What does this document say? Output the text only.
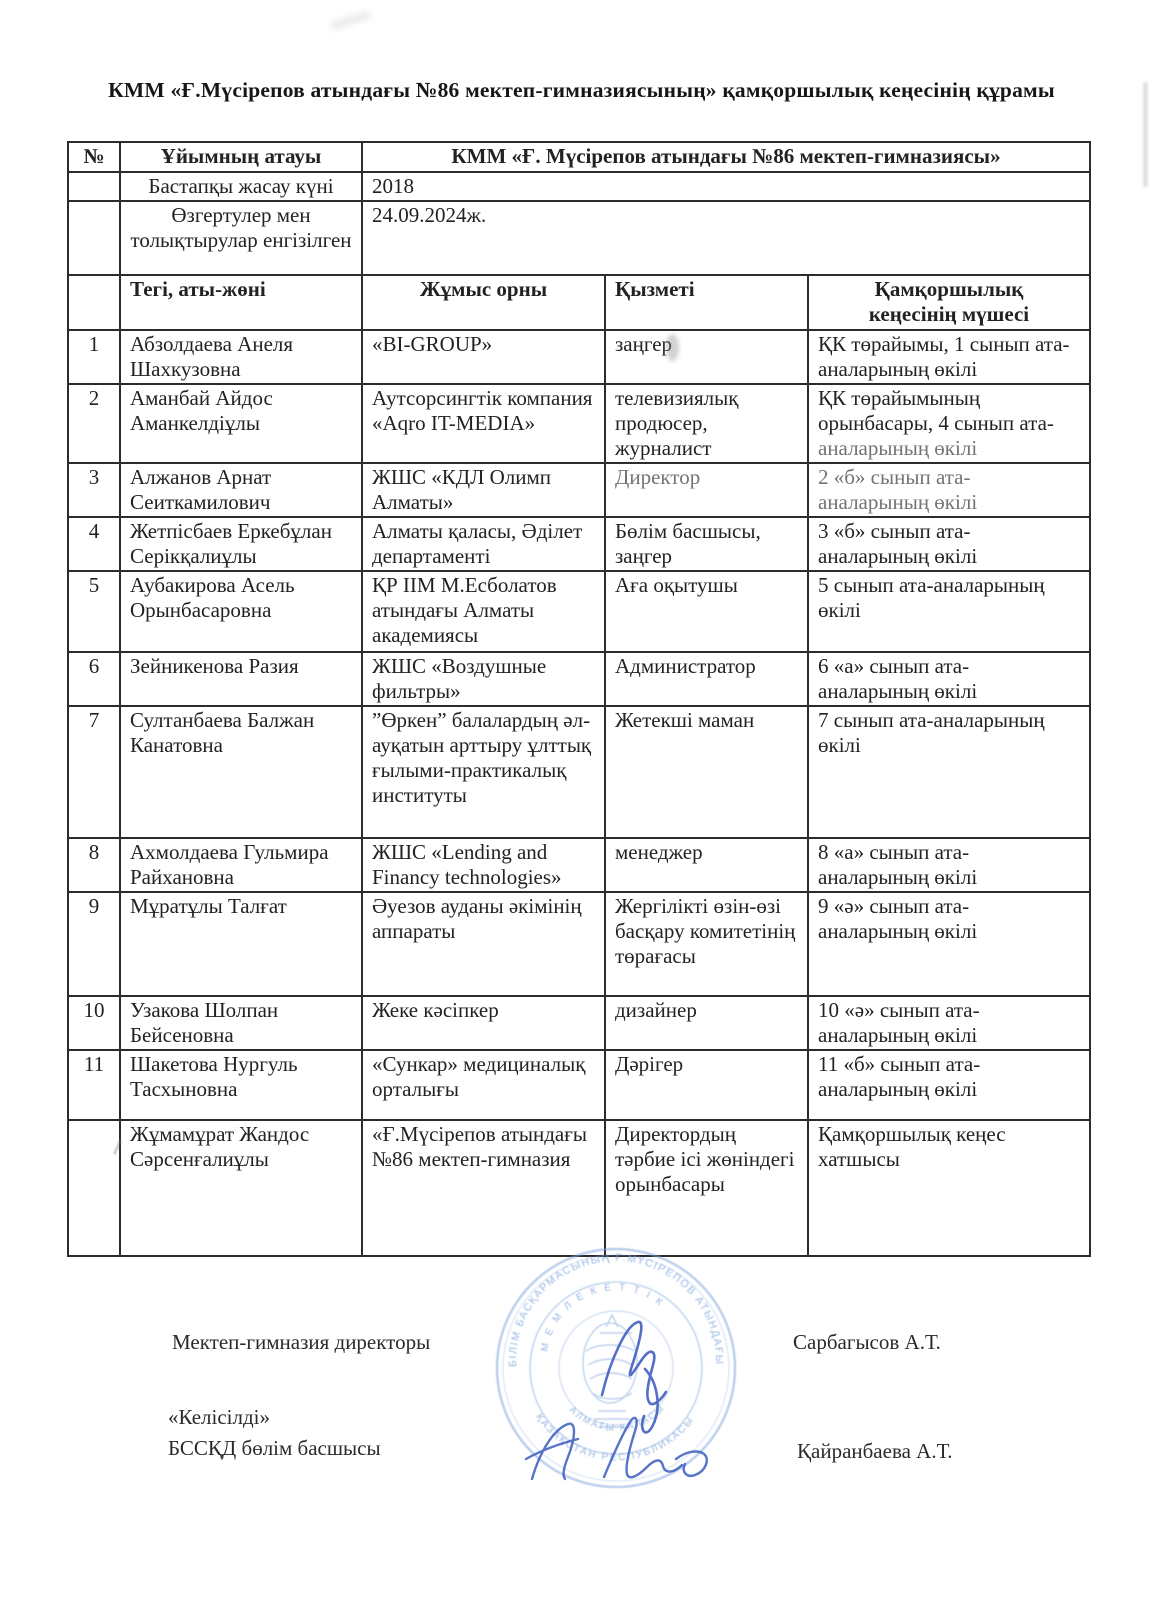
КММ «Ғ.Мүсірепов атындағы №86 мектеп-гимназиясының» қамқоршылық кеңесінің құрамы
№	Ұйымның атауы	КММ «Ғ. Мүсірепов атындағы №86 мектеп-гимназиясы»		
	Бастапқы жасау күні	2018		
	Өзгертулер мен толықтырулар енгізілген	24.09.2024ж.		
	Тегі, аты-жөні	Жұмыс орны	Қызметі	Қамқоршылық кеңесінің мүшесі
1	Абзолдаева Анеля Шахкузовна	«BI-GROUP»	заңгер	ҚК төрайымы, 1 сынып ата-аналарының өкілі
2	Аманбай Айдос Аманкелдіұлы	Аутсорсингтік компания «Aqro IT-MEDIA»	телевизиялық продюсер, журналист	ҚК төрайымының орынбасары, 4 сынып ата-аналарының өкілі
3	Алжанов Арнат Сеиткамилович	ЖШС «КДЛ Олимп Алматы»	Директор	2 «б» сынып ата-аналарының өкілі
4	Жетпісбаев Еркебұлан Серікқалиұлы	Алматы қаласы, Әділет департаменті	Бөлім басшысы, заңгер	3 «б» сынып ата-аналарының өкілі
5	Аубакирова Асель Орынбасаровна	ҚР ІІМ М.Есболатов атындағы Алматы академиясы	Аға оқытушы	5 сынып ата-аналарының өкілі
6	Зейникенова Разия	ЖШС «Воздушные фильтры»	Администратор	6 «а» сынып ата-аналарының өкілі
7	Султанбаева Балжан Канатовна	”Өркен” балалардың әл-ауқатын арттыру ұлттық ғылыми-практикалық институты	Жетекші маман	7 сынып ата-аналарының өкілі
8	Ахмолдаева Гульмира Райхановна	ЖШС «Lending and Financy technologies»	менеджер	8 «а» сынып ата-аналарының өкілі
9	Мұратұлы Талғат	Әуезов ауданы әкімінің аппараты	Жергілікті өзін-өзі басқару комитетінің төрағасы	9 «ә» сынып ата-аналарының өкілі
10	Узакова Шолпан Бейсеновна	Жеке кәсіпкер	дизайнер	10 «ә» сынып ата-аналарының өкілі
11	Шакетова Нургуль Тасхыновна	«Сункар» медициналық орталығы	Дәрігер	11 «б» сынып ата-аналарының өкілі
	Жұмамұрат Жандос Сәрсенғалиұлы	«Ғ.Мүсірепов атындағы №86 мектеп-гимназия	Директордың тәрбие ісі жөніндегі орынбасары	Қамқоршылық кеңес хатшысы
Мектеп-гимназия директоры	Сарбагысов А.Т.
«Келісілді»
БССҚД бөлім басшысы	Қайранбаева А.Т.
БІЛІМ БАСҚАРМАСЫНЫҢ Ғ.МҮСІРЕПОВ АТЫНДАҒЫ
ҚАЗАҚСТАН РЕСПУБЛИКАСЫ
М Е М Л Е К Е Т Т І К
АЛМАТЫ ҚАЛАСЫ
